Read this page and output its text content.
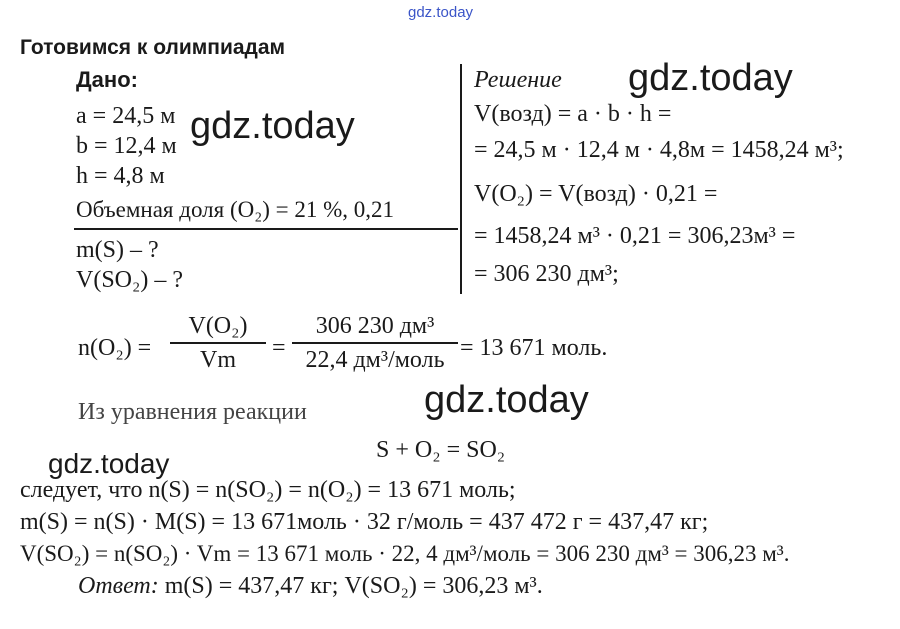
gdz.today
gdz.today
gdz.today
gdz.today
gdz.today
Готовимся к олимпиадам
Дано:
a = 24,5 м
b = 12,4 м
h = 4,8 м
Объемная доля (O₂) = 21 %, 0,21
m(S) – ?
V(SO₂) – ?
Решение
V(возд) = a · b · h =
= 24,5 м · 12,4 м · 4,8м = 1458,24 м³;
V(O₂) = V(возд) · 0,21 =
= 1458,24 м³ · 0,21 = 306,23м³ =
= 306 230 дм³;
n(O₂) =
V(O₂)
Vm	=
306 230 дм³
22,4 дм³/моль = 13 671 моль.
Из уравнения реакции
S + O₂ = SO₂
следует, что n(S) = n(SO₂) = n(O₂) = 13 671 моль;
m(S) = n(S) · M(S) = 13 671моль · 32 г/моль = 437 472 г = 437,47 кг;
V(SO₂) = n(SO₂) · Vm = 13 671 моль · 22, 4 дм³/моль = 306 230 дм³ = 306,23 м³.
Ответ: m(S) = 437,47 кг; V(SO₂) = 306,23 м³.
